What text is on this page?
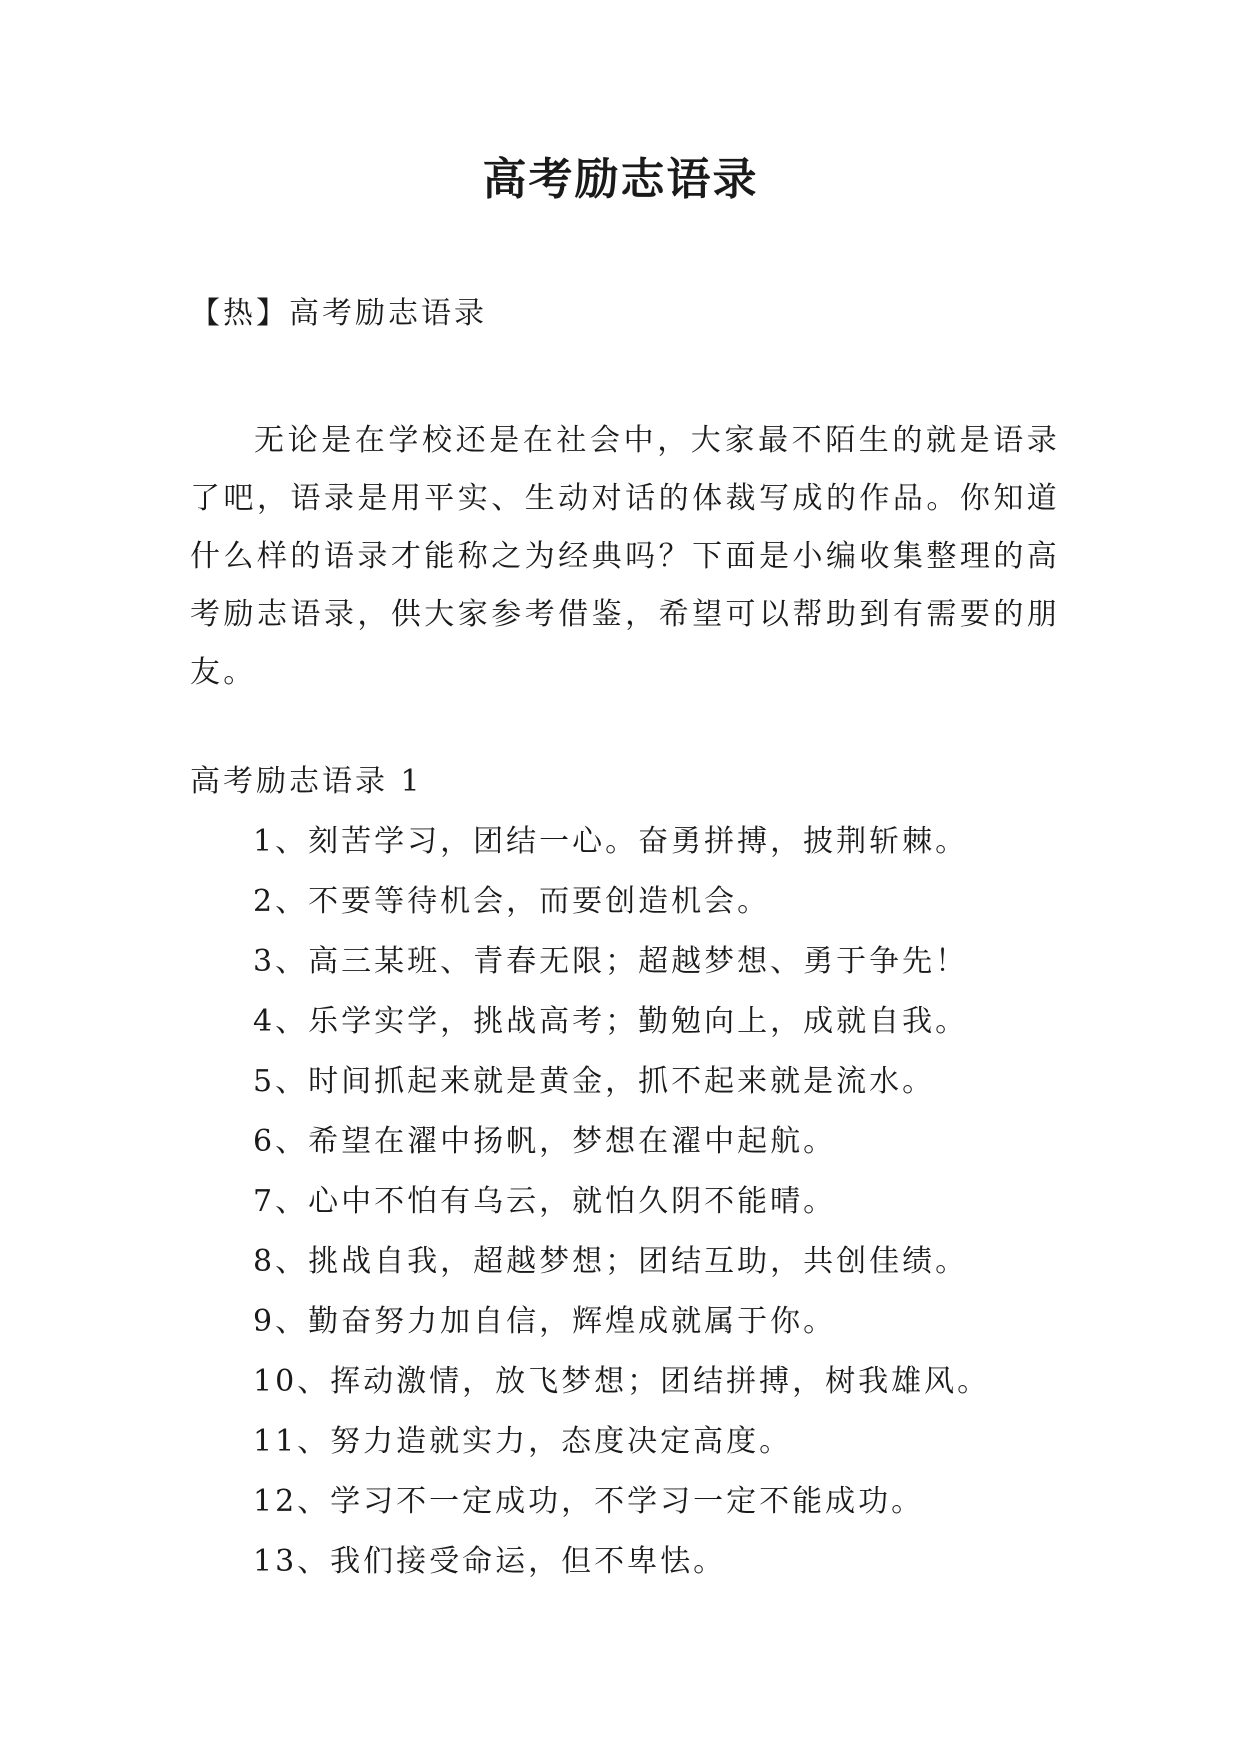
高考励志语录
【热】高考励志语录

无论是在学校还是在社会中，大家最不陌生的就是语录了吧，语录是用平实、生动对话的体裁写成的作品。你知道什么样的语录才能称之为经典吗？下面是小编收集整理的高考励志语录，供大家参考借鉴，希望可以帮助到有需要的朋友。

高考励志语录 1
1、刻苦学习，团结一心。奋勇拼搏，披荆斩棘。
2、不要等待机会，而要创造机会。
3、高三某班、青春无限；超越梦想、勇于争先！
4、乐学实学，挑战高考；勤勉向上，成就自我。
5、时间抓起来就是黄金，抓不起来就是流水。
6、希望在濯中扬帆，梦想在濯中起航。
7、心中不怕有乌云，就怕久阴不能晴。
8、挑战自我，超越梦想；团结互助，共创佳绩。
9、勤奋努力加自信，辉煌成就属于你。
10、挥动激情，放飞梦想；团结拼搏，树我雄风。
11、努力造就实力，态度决定高度。
12、学习不一定成功，不学习一定不能成功。
13、我们接受命运，但不卑怯。
